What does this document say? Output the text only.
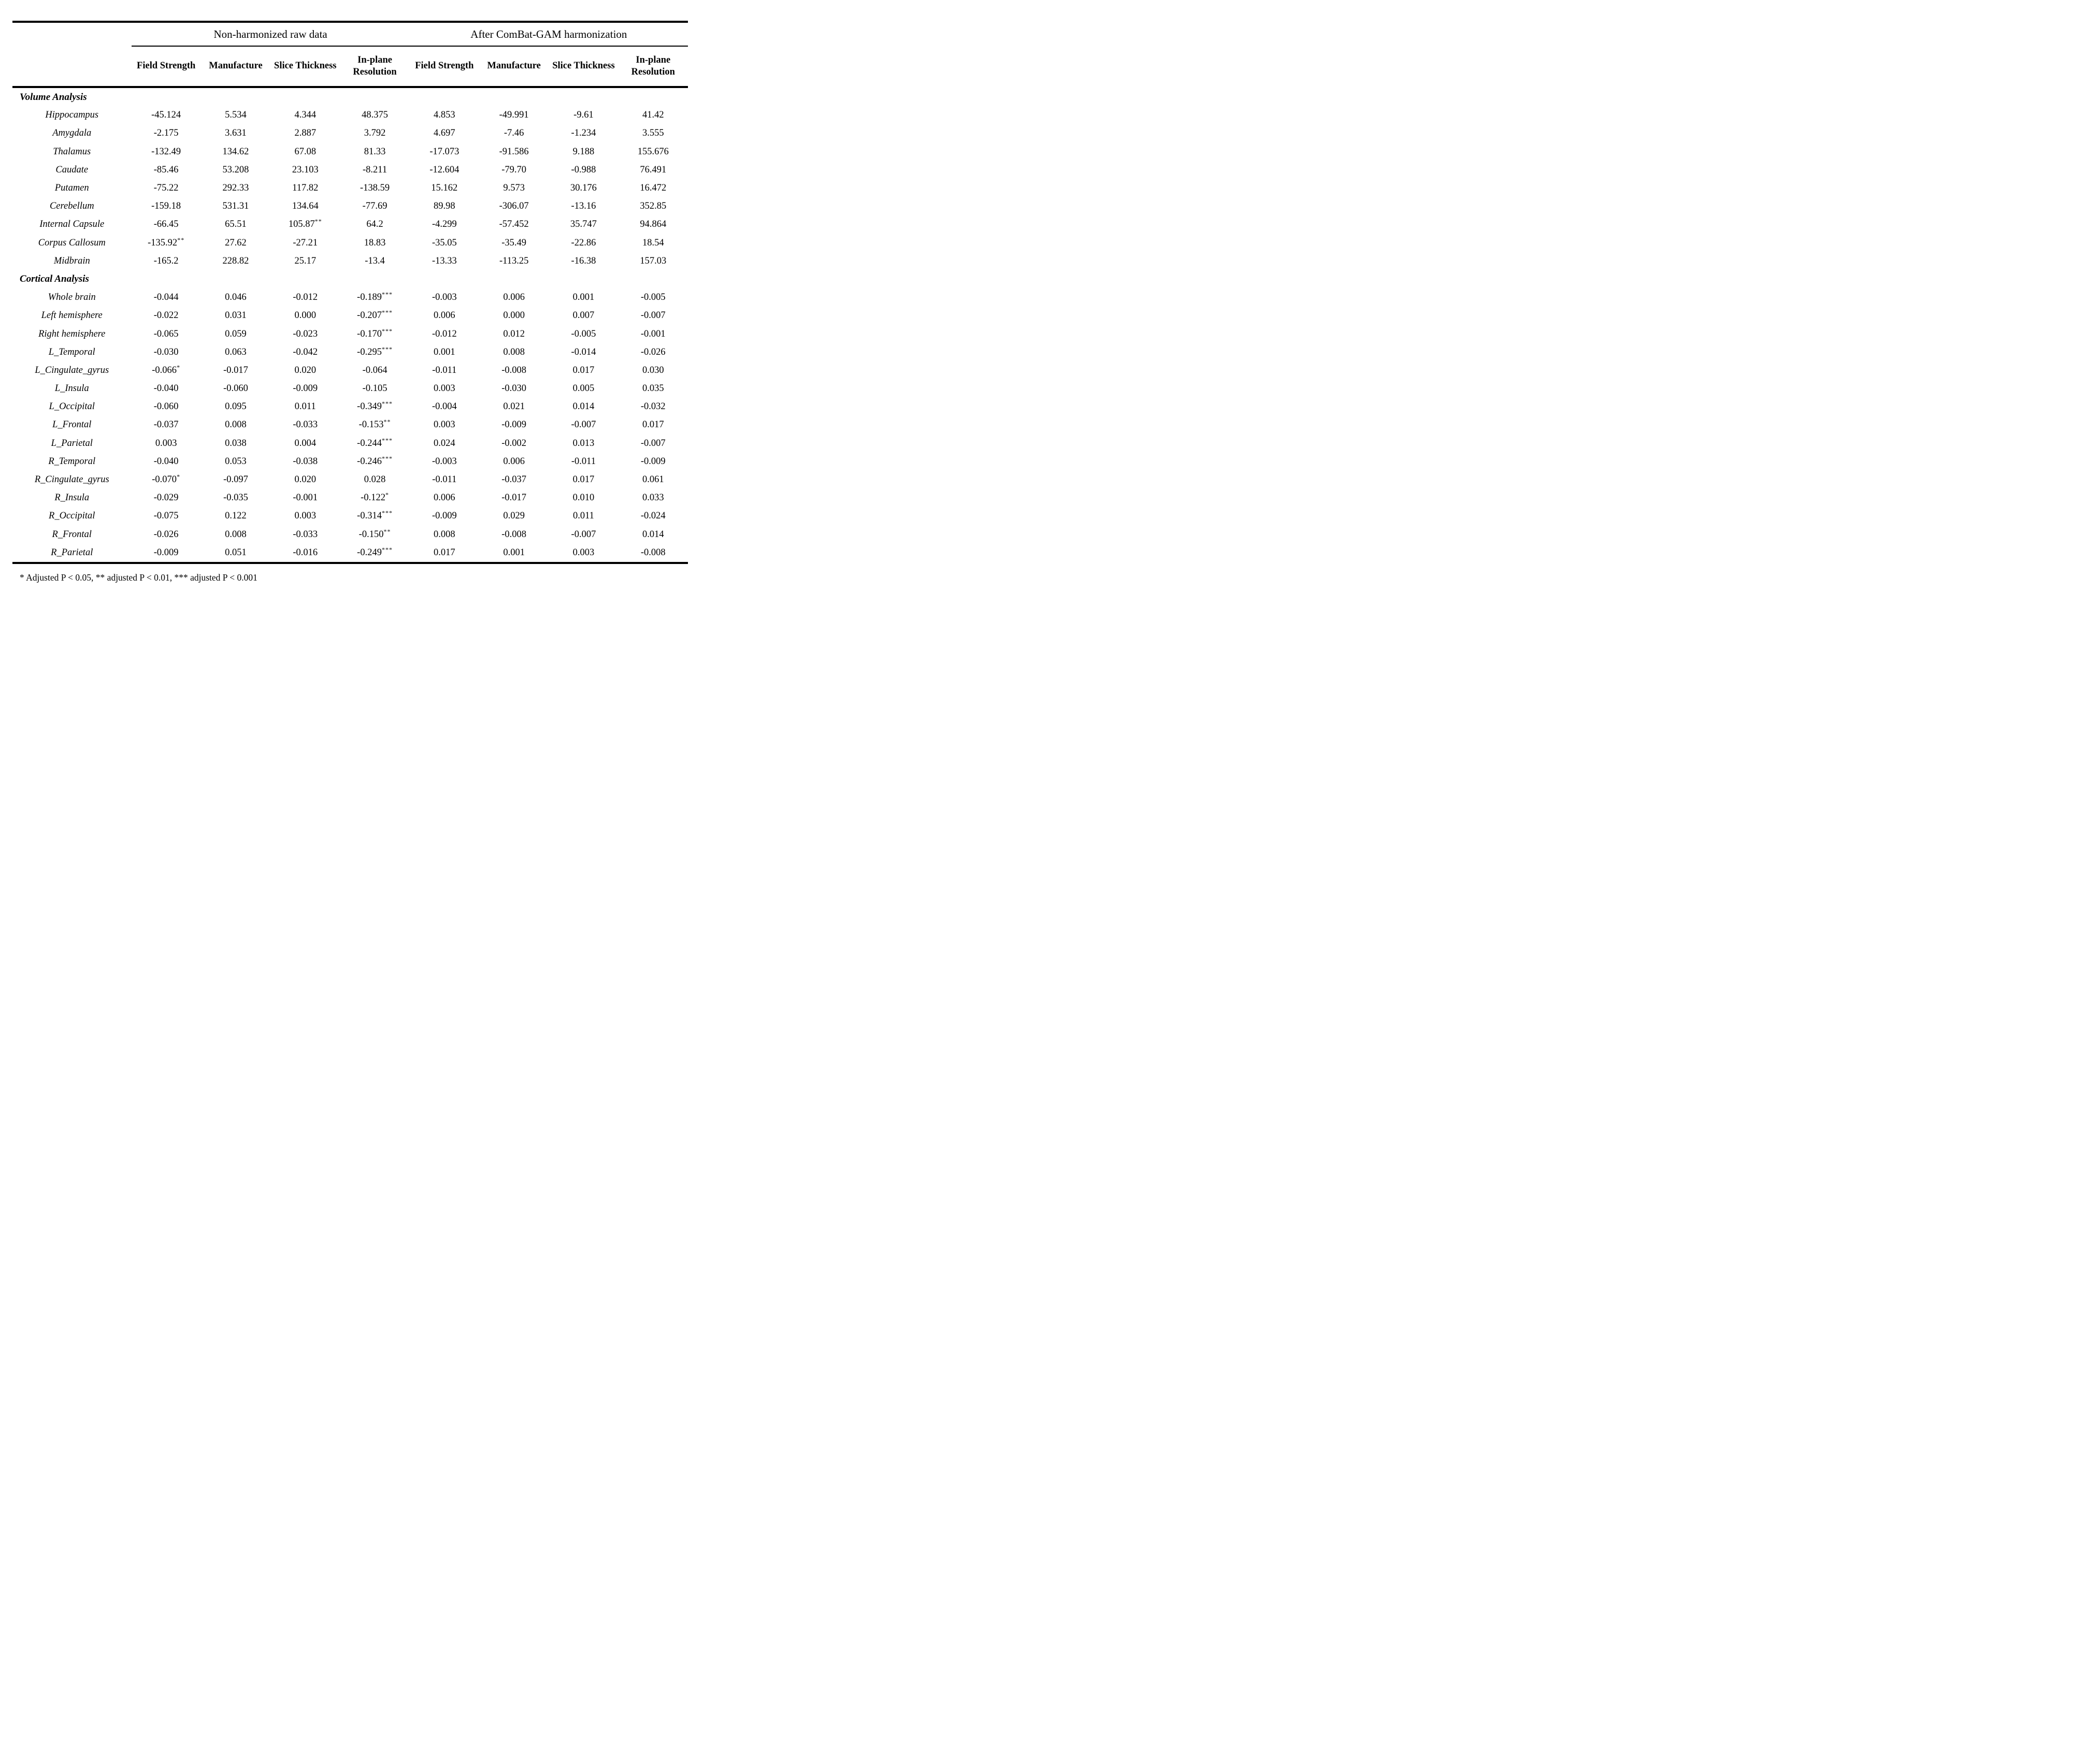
	Non-harmonized raw data				After ComBat-GAM harmonization			
	Field Strength	Manufacture	Slice Thickness	In-plane Resolution	Field Strength	Manufacture	Slice Thickness	In-plane Resolution
Volume Analysis								
Hippocampus	-45.124	5.534	4.344	48.375	4.853	-49.991	-9.61	41.42
Amygdala	-2.175	3.631	2.887	3.792	4.697	-7.46	-1.234	3.555
Thalamus	-132.49	134.62	67.08	81.33	-17.073	-91.586	9.188	155.676
Caudate	-85.46	53.208	23.103	-8.211	-12.604	-79.70	-0.988	76.491
Putamen	-75.22	292.33	117.82	-138.59	15.162	9.573	30.176	16.472
Cerebellum	-159.18	531.31	134.64	-77.69	89.98	-306.07	-13.16	352.85
Internal Capsule	-66.45	65.51	105.87**	64.2	-4.299	-57.452	35.747	94.864
Corpus Callosum	-135.92**	27.62	-27.21	18.83	-35.05	-35.49	-22.86	18.54
Midbrain	-165.2	228.82	25.17	-13.4	-13.33	-113.25	-16.38	157.03
Cortical Analysis								
Whole brain	-0.044	0.046	-0.012	-0.189***	-0.003	0.006	0.001	-0.005
Left hemisphere	-0.022	0.031	0.000	-0.207***	0.006	0.000	0.007	-0.007
Right hemisphere	-0.065	0.059	-0.023	-0.170***	-0.012	0.012	-0.005	-0.001
L_Temporal	-0.030	0.063	-0.042	-0.295***	0.001	0.008	-0.014	-0.026
L_Cingulate_gyrus	-0.066*	-0.017	0.020	-0.064	-0.011	-0.008	0.017	0.030
L_Insula	-0.040	-0.060	-0.009	-0.105	0.003	-0.030	0.005	0.035
L_Occipital	-0.060	0.095	0.011	-0.349***	-0.004	0.021	0.014	-0.032
L_Frontal	-0.037	0.008	-0.033	-0.153**	0.003	-0.009	-0.007	0.017
L_Parietal	0.003	0.038	0.004	-0.244***	0.024	-0.002	0.013	-0.007
R_Temporal	-0.040	0.053	-0.038	-0.246***	-0.003	0.006	-0.011	-0.009
R_Cingulate_gyrus	-0.070*	-0.097	0.020	0.028	-0.011	-0.037	0.017	0.061
R_Insula	-0.029	-0.035	-0.001	-0.122*	0.006	-0.017	0.010	0.033
R_Occipital	-0.075	0.122	0.003	-0.314***	-0.009	0.029	0.011	-0.024
R_Frontal	-0.026	0.008	-0.033	-0.150**	0.008	-0.008	-0.007	0.014
R_Parietal	-0.009	0.051	-0.016	-0.249***	0.017	0.001	0.003	-0.008
* Adjusted P < 0.05, ** adjusted P < 0.01, *** adjusted P < 0.001
